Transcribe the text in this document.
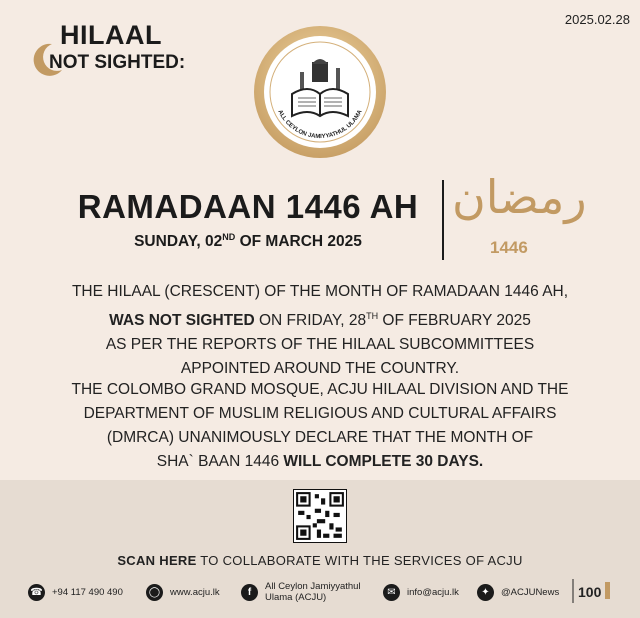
2025.02.28
HILAAL
NOT SIGHTED:
ALL CEYLON JAMIYYATHUL ULAMA
RAMADAAN 1446 AH
SUNDAY, 02ND OF MARCH 2025
رمضان
1446
THE HILAAL (CRESCENT) OF THE MONTH OF RAMADAAN 1446 AH,
WAS NOT SIGHTED ON FRIDAY, 28TH OF FEBRUARY 2025
AS PER THE REPORTS OF THE HILAAL SUBCOMMITTEES
APPOINTED AROUND THE COUNTRY.
THE COLOMBO GRAND MOSQUE, ACJU HILAAL DIVISION AND THE
DEPARTMENT OF MUSLIM RELIGIOUS AND CULTURAL AFFAIRS
(DMRCA) UNANIMOUSLY DECLARE THAT THE MONTH OF
SHA` BAAN 1446 WILL COMPLETE 30 DAYS.
SCAN HERE TO COLLABORATE WITH THE SERVICES OF ACJU
☎ +94 117 490 490	◯	www.acju.lk	f	All Ceylon Jamiyyathul
Ulama (ACJU)	✉	info@acju.lk	✦	@ACJUNews 100
